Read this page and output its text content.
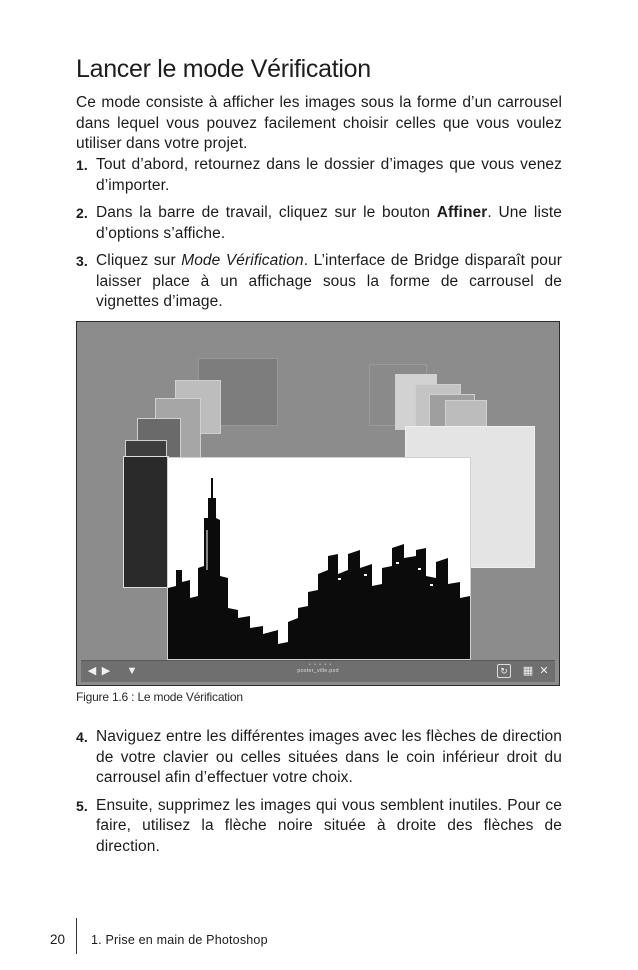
Lancer le mode Vérification

Ce mode consiste à afficher les images sous la forme d’un carrousel dans lequel vous pouvez facilement choisir celles que vous voulez utiliser dans votre projet.

1. Tout d’abord, retournez dans le dossier d’images que vous venez d’importer.
2. Dans la barre de travail, cliquez sur le bouton Affiner. Une liste d’options s’affiche.
3. Cliquez sur Mode Vérification. L’interface de Bridge disparaît pour laisser place à un affichage sous la forme de carrousel de vignettes d’image.
◀ ▶ ▼	• • • • •
poster_ville.psd	↻ ▦ ✕

Figure 1.6 : Le mode Vérification

4. Naviguez entre les différentes images avec les flèches de direction de votre clavier ou celles situées dans le coin inférieur droit du carrousel afin d’effectuer votre choix.
5. Ensuite, supprimez les images qui vous semblent inutiles. Pour ce faire, utilisez la flèche noire située à droite des flèches de direction.
20 1. Prise en main de Photoshop
